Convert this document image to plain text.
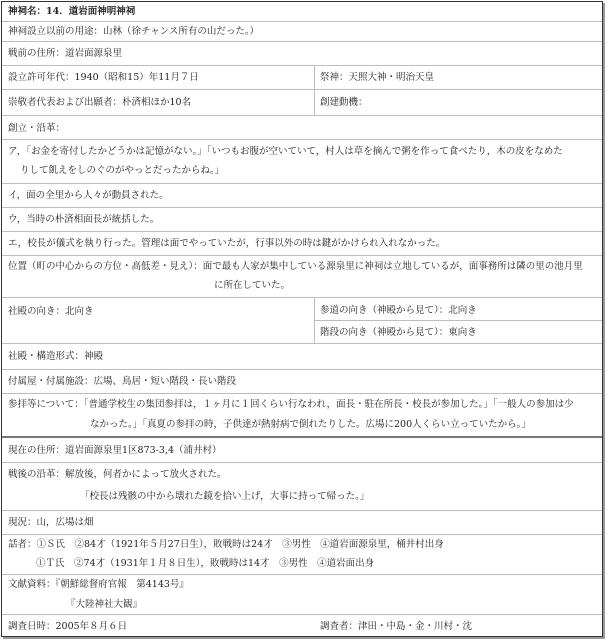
神祠名：14．道岩面神明神祠
神祠設立以前の用途：山林（徐チャンス所有の山だった。）
戦前の住所：道岩面源泉里
設立許可年代：1940（昭和15）年11月７日	祭神：天照大神・明治天皇
崇敬者代表および出願者：朴済相ほか10名	創建動機：
創立・沿革：
ア，「お金を寄付したかどうかは記憶がない。」「いつもお腹が空いていて，村人は草を摘んで粥を作って食べたり，木の皮をなめた
りして飢えをしのぐのがやっとだったからね。」
イ，面の全里から人々が動員された。
ウ，当時の朴済相面長が統括した。
エ，校長が儀式を執り行った。管理は面でやっていたが，行事以外の時は鍵がかけられ入れなかった。
位置（町の中心からの方位・高低差・見え）：面で最も人家が集中している源泉里に神祠は立地しているが，面事務所は隣の里の池月里
に所在していた。
社殿の向き：北向き	参道の向き（神殿から見て）：北向き
階段の向き（神殿から見て）：東向き
社殿・構造形式：神殿
付属屋・付属施設：広場、鳥居・短い階段・長い階段
参拝等について：「普通学校生の集団参拝は，１ヶ月に１回くらい行なわれ，面長・駐在所長・校長が参加した。」「一般人の参加は少
なかった。」「真夏の参拝の時，子供達が熱射病で倒れたりした。広場に200人くらい立っていたから。」
現在の住所：道岩面源泉里1区873-3,4（浦井村）
戦後の沿革：解放後，何者かによって放火された。
「校長は残骸の中から壊れた鏡を拾い上げ，大事に持って帰った。」
現況：山，広場は畑
話者：①Ｓ氏　②84才（1921年５月27日生），敗戦時は24才　③男性　④道岩面源泉里，桶井村出身
①Ｔ氏　②74才（1931年１月８日生），敗戦時は14才　③男性　④道岩面出身
文献資料：『朝鮮総督府官報　第4143号』
『大陸神社大観』
調査日時：2005年８月６日	調査者：津田・中島・金・川村・沈
